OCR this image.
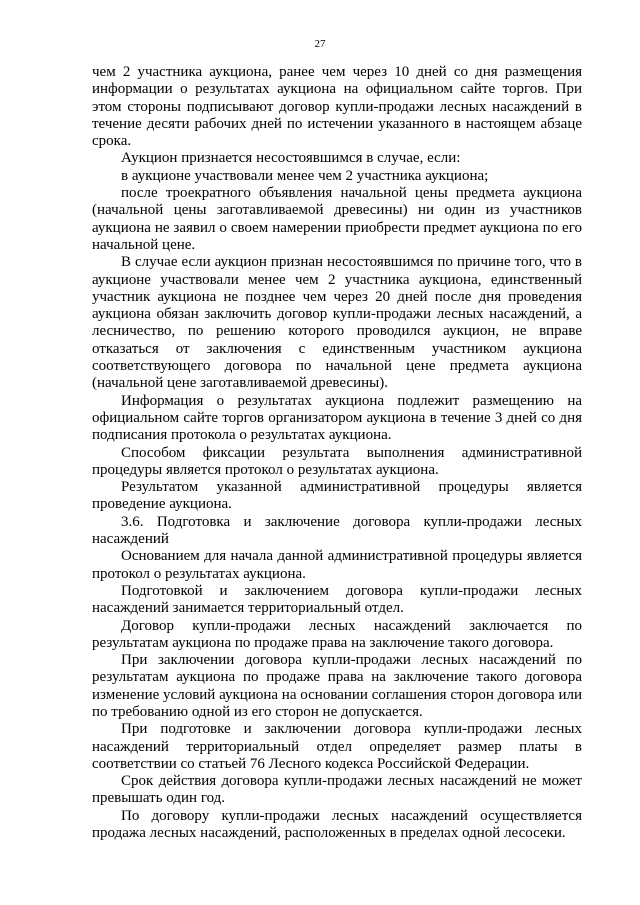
27

чем 2 участника аукциона, ранее чем через 10 дней со дня размещения информации о результатах аукциона на официальном сайте торгов. При этом стороны подписывают договор купли-продажи лесных насаждений в течение десяти рабочих дней по истечении указанного в настоящем абзаце срока.

Аукцион признается несостоявшимся в случае, если:

в аукционе участвовали менее чем 2 участника аукциона;

после троекратного объявления начальной цены предмета аукциона (начальной цены заготавливаемой древесины) ни один из участников аукциона не заявил о своем намерении приобрести предмет аукциона по его начальной цене.

В случае если аукцион признан несостоявшимся по причине того, что в аукционе участвовали менее чем 2 участника аукциона, единственный участник аукциона не позднее чем через 20 дней после дня проведения аукциона обязан заключить договор купли-продажи лесных насаждений, а лесничество, по решению которого проводился аукцион, не вправе отказаться от заключения с единственным участником аукциона соответствующего договора по начальной цене предмета аукциона (начальной цене заготавливаемой древесины).

Информация о результатах аукциона подлежит размещению на официальном сайте торгов организатором аукциона в течение 3 дней со дня подписания протокола о результатах аукциона.

Способом фиксации результата выполнения административной процедуры является протокол о результатах аукциона.

Результатом указанной административной процедуры является проведение аукциона.

3.6. Подготовка и заключение договора купли-продажи лесных насаждений

Основанием для начала данной административной процедуры является протокол о результатах аукциона.

Подготовкой и заключением договора купли-продажи лесных насаждений занимается территориальный отдел.

Договор купли-продажи лесных насаждений заключается по результатам аукциона по продаже права на заключение такого договора.

При заключении договора купли-продажи лесных насаждений по результатам аукциона по продаже права на заключение такого договора изменение условий аукциона на основании соглашения сторон договора или по требованию одной из его сторон не допускается.

При подготовке и заключении договора купли-продажи лесных насаждений территориальный отдел определяет размер платы в соответствии со статьей 76 Лесного кодекса Российской Федерации.

Срок действия договора купли-продажи лесных насаждений не может превышать один год.

По договору купли-продажи лесных насаждений осуществляется продажа лесных насаждений, расположенных в пределах одной лесосеки.
